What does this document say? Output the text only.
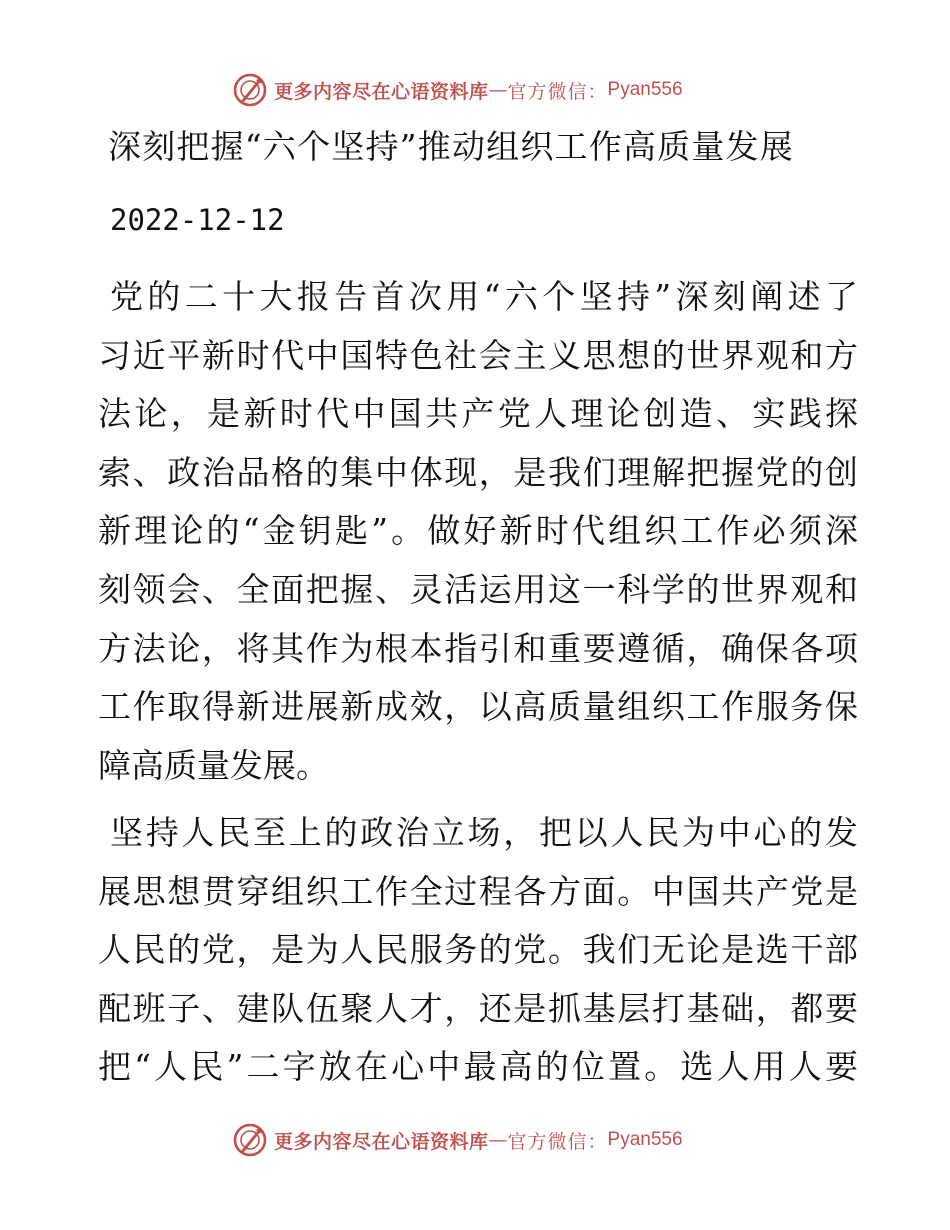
更多内容尽在心语资料库 — 官方微信： Pyan556
深刻把握“六个坚持”推动组织工作高质量发展
2022-12-12
党的二十大报告首次用“六个坚持”深刻阐述了
习近平新时代中国特色社会主义思想的世界观和方
法论，是新时代中国共产党人理论创造、实践探
索、政治品格的集中体现，是我们理解把握党的创
新理论的“金钥匙”。做好新时代组织工作必须深
刻领会、全面把握、灵活运用这一科学的世界观和
方法论，将其作为根本指引和重要遵循，确保各项
工作取得新进展新成效，以高质量组织工作服务保
障高质量发展。
坚持人民至上的政治立场，把以人民为中心的发
展思想贯穿组织工作全过程各方面。中国共产党是
人民的党，是为人民服务的党。我们无论是选干部
配班子、建队伍聚人才，还是抓基层打基础，都要
把“人民”二字放在心中最高的位置。选人用人要
更多内容尽在心语资料库 — 官方微信： Pyan556
